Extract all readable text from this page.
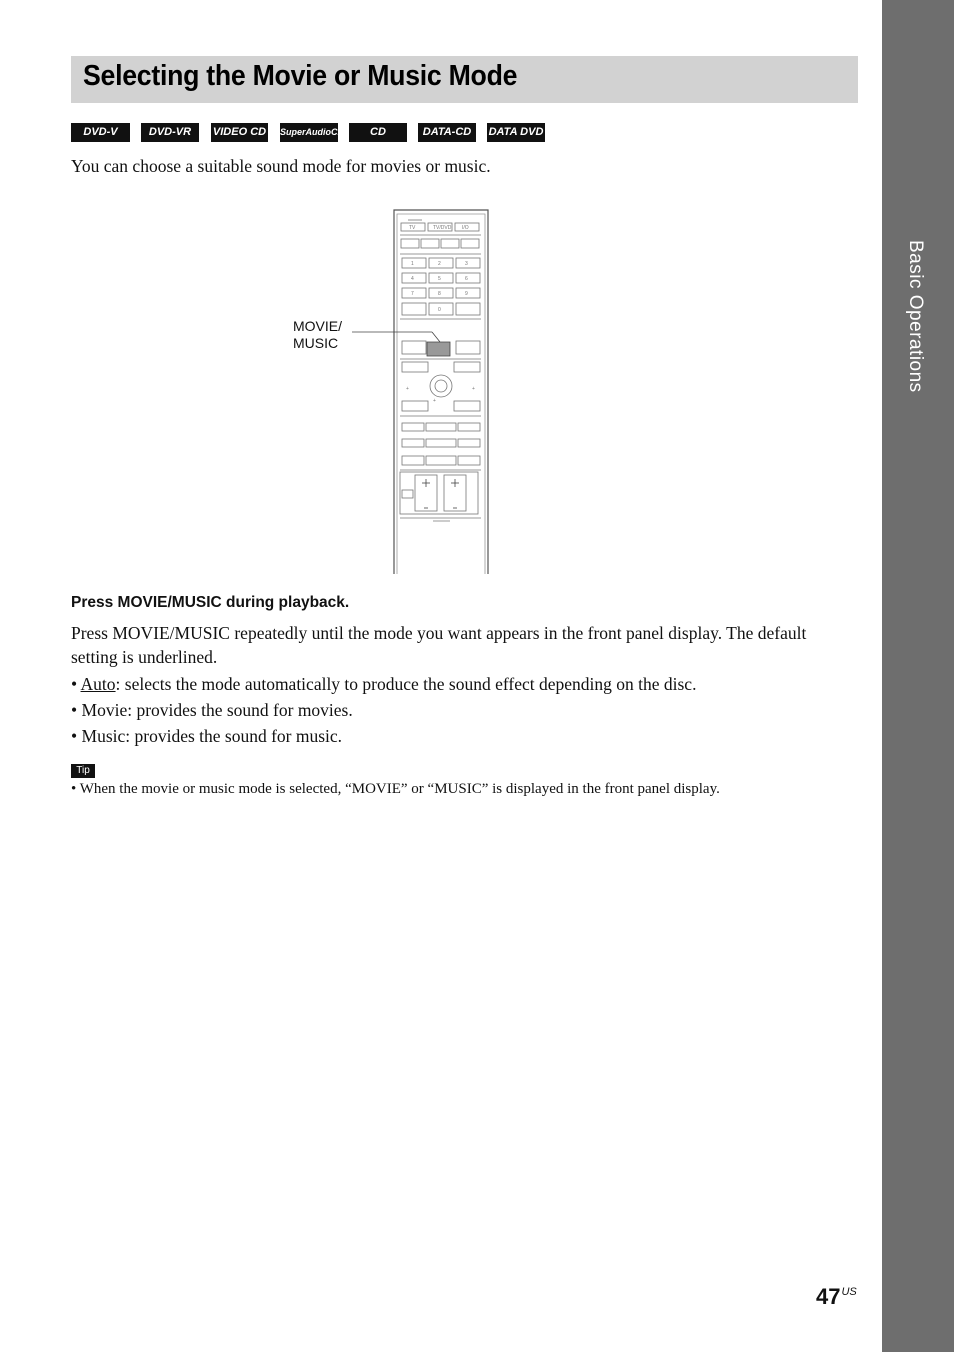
Basic Operations
Selecting the Movie or Music Mode
DVD-V	DVD-VR	VIDEO CD SuperAudioCD	CD	DATA-CD	DATA DVD
You can choose a suitable sound mode for movies or music.
TV	TV/DVD I/O
1	2	3
4	5	6
7	8	9
0
+
+	+
MOVIE/
MUSIC
Press MOVIE/MUSIC during playback.
Press MOVIE/MUSIC repeatedly until the mode you want appears in the front panel display. The default setting is underlined.
• Auto: selects the mode automatically to produce the sound effect depending on the disc.
• Movie: provides the sound for movies.
• Music: provides the sound for music.
Tip
• When the movie or music mode is selected, “MOVIE” or “MUSIC” is displayed in the front panel display.
$47^{US}$
